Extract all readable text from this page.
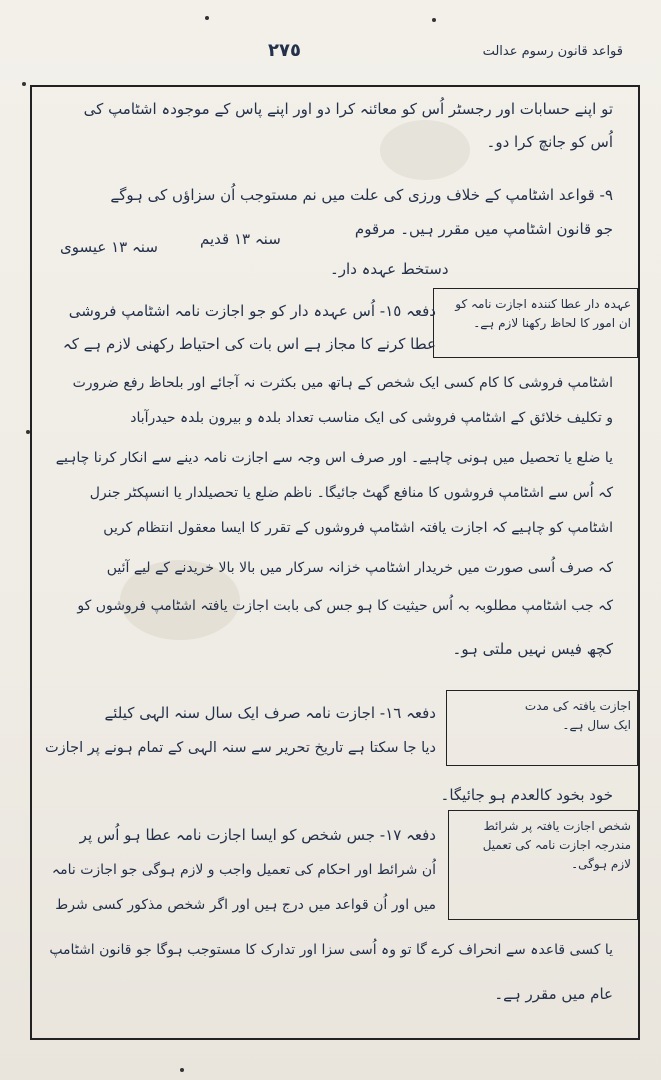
قواعد قانون رسوم عدالت
٢٧٥
تو اپنے حسابات اور رجسٹر اُس کو معائنہ کرا دو اور اپنے پاس کے موجودہ اشٹامپ کی
اُس کو جانچ کرا دو۔
۹- قواعد اشٹامپ کے خلاف ورزی کی علت میں نم مستوجب اُن سزاؤں کی ہوگے
جو قانون اشٹامپ میں مقرر ہیں۔ مرقوم
سنہ ١٣ عیسوی	سنہ ١٣ قدیم
دستخط عہدہ دار۔
عہدہ دار عطا کنندہ اجازت نامہ کو
ان امور کا لحاظ رکھنا لازم ہے۔
دفعہ ١٥- اُس عہدہ دار کو جو اجازت نامہ اشٹامپ فروشی
عطا کرنے کا مجاز ہے اس بات کی احتیاط رکھنی لازم ہے کہ
اشٹامپ فروشی کا کام کسی ایک شخص کے ہاتھ میں بکثرت نہ آجائے اور بلحاظ رفع ضرورت
و تکلیف خلائق کے اشٹامپ فروشی کی ایک مناسب تعداد بلدہ و بیرون بلدہ حیدرآباد
یا ضلع یا تحصیل میں ہونی چاہیے۔ اور صرف اس وجہ سے اجازت نامہ دینے سے انکار کرنا چاہیے
کہ اُس سے اشٹامپ فروشوں کا منافع گھٹ جائیگا۔ ناظم ضلع یا تحصیلدار یا انسپکٹر جنرل
اشٹامپ کو چاہیے کہ اجازت یافتہ اشٹامپ فروشوں کے تقرر کا ایسا معقول انتظام کریں
کہ صرف اُسی صورت میں خریدار اشٹامپ خزانہ سرکار میں بالا بالا خریدنے کے لیے آئیں
کہ جب اشٹامپ مطلوبہ بہ اُس حیثیت کا ہو جس کی بابت اجازت یافتہ اشٹامپ فروشوں کو
کچھ فیس نہیں ملتی ہو۔
اجازت یافتہ کی مدت
ایک سال ہے۔
دفعہ ١٦- اجازت نامہ صرف ایک سال سنہ الہی کیلئے
دیا جا سکتا ہے تاریخ تحریر سے سنہ الہی کے تمام ہونے پر اجازت
خود بخود کالعدم ہو جائیگا۔
شخص اجازت یافتہ پر شرائط
مندرجہ اجازت نامہ کی تعمیل
لازم ہوگی۔
دفعہ ١٧- جس شخص کو ایسا اجازت نامہ عطا ہو اُس پر
اُن شرائط اور احکام کی تعمیل واجب و لازم ہوگی جو اجازت نامہ
میں اور اُن قواعد میں درج ہیں اور اگر شخص مذکور کسی شرط
یا کسی قاعدہ سے انحراف کرے گا تو وہ اُسی سزا اور تدارک کا مستوجب ہوگا جو قانون اشٹامپ
عام میں مقرر ہے۔
